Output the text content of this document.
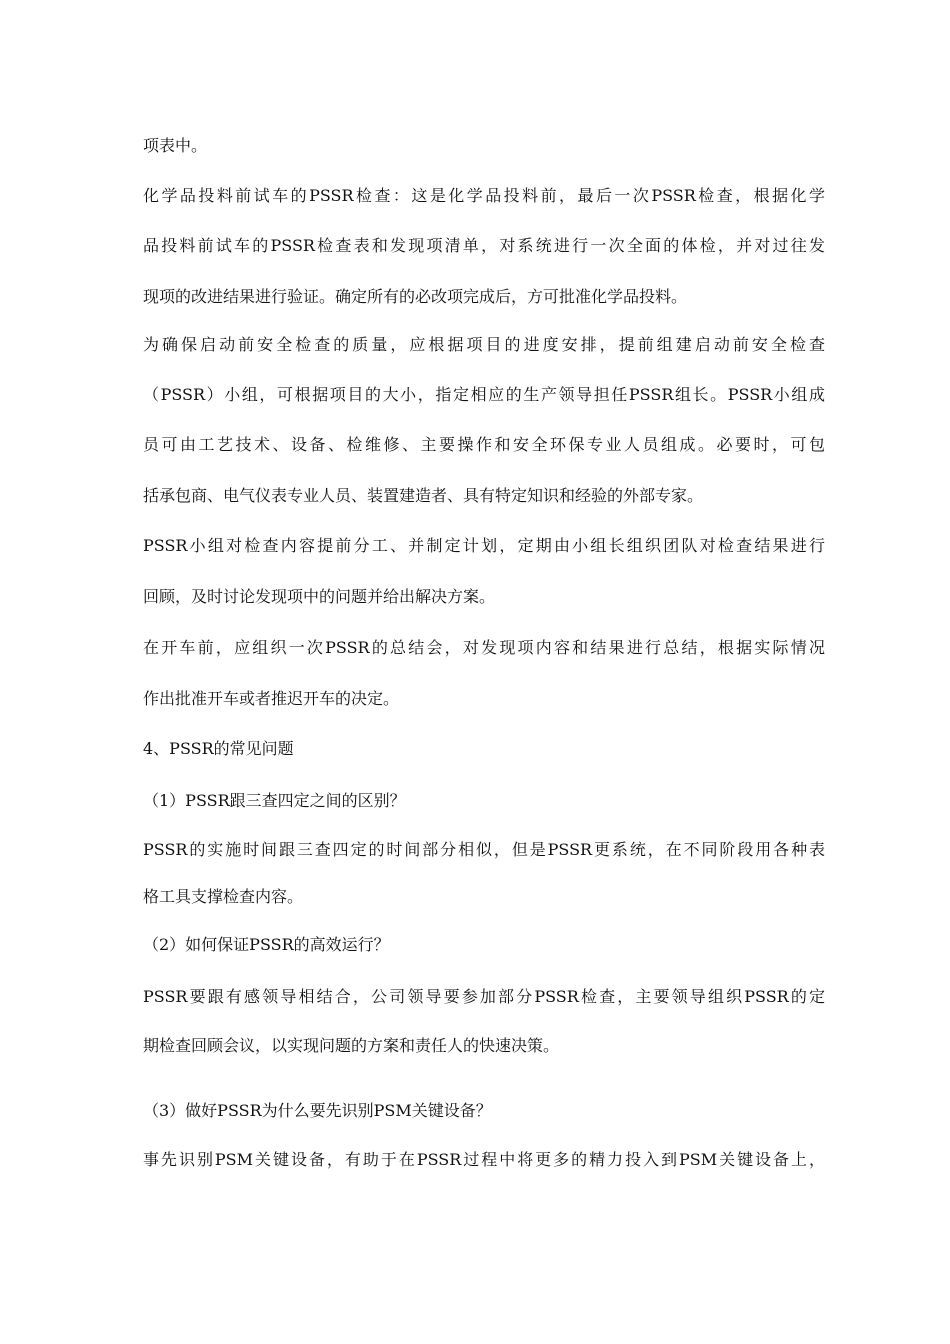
项表中。
化学品投料前试车的PSSR检查：这是化学品投料前，最后一次PSSR检查，根据化学
品投料前试车的PSSR检查表和发现项清单，对系统进行一次全面的体检，并对过往发
现项的改进结果进行验证。确定所有的必改项完成后，方可批准化学品投料。
为确保启动前安全检查的质量，应根据项目的进度安排，提前组建启动前安全检查
（PSSR）小组，可根据项目的大小，指定相应的生产领导担任PSSR组长。PSSR小组成
员可由工艺技术、设备、检维修、主要操作和安全环保专业人员组成。必要时，可包
括承包商、电气仪表专业人员、装置建造者、具有特定知识和经验的外部专家。
PSSR小组对检查内容提前分工、并制定计划，定期由小组长组织团队对检查结果进行
回顾，及时讨论发现项中的问题并给出解决方案。
在开车前，应组织一次PSSR的总结会，对发现项内容和结果进行总结，根据实际情况
作出批准开车或者推迟开车的决定。
4、PSSR的常见问题
（1）PSSR跟三查四定之间的区别？
PSSR的实施时间跟三查四定的时间部分相似，但是PSSR更系统，在不同阶段用各种表
格工具支撑检查内容。
（2）如何保证PSSR的高效运行？
PSSR要跟有感领导相结合，公司领导要参加部分PSSR检查，主要领导组织PSSR的定
期检查回顾会议，以实现问题的方案和责任人的快速决策。
（3）做好PSSR为什么要先识别PSM关键设备？
事先识别PSM关键设备，有助于在PSSR过程中将更多的精力投入到PSM关键设备上，
